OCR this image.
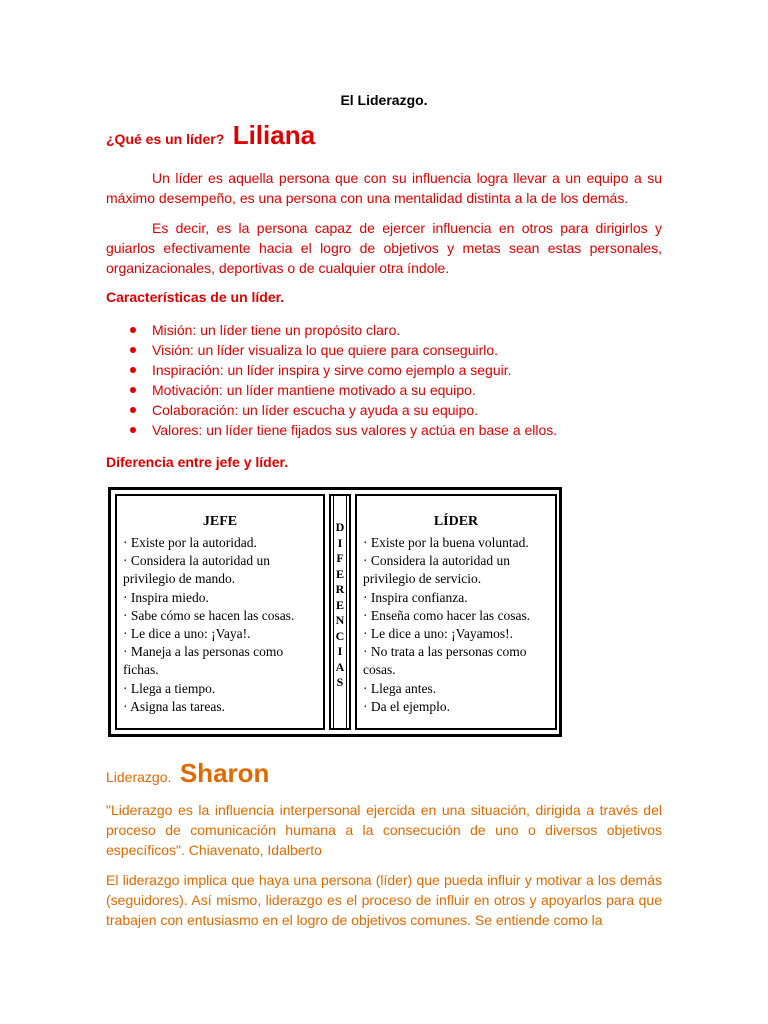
El Liderazgo.
¿Qué es un líder? Liliana
Un líder es aquella persona que con su influencia logra llevar a un equipo a su máximo desempeño, es una persona con una mentalidad distinta a la de los demás.
Es decir, es la persona capaz de ejercer influencia en otros para dirigirlos y guiarlos efectivamente hacia el logro de objetivos y metas sean estas personales, organizacionales, deportivas o de cualquier otra índole.
Características de un líder.
Misión: un líder tiene un propósito claro.
Visión: un líder visualiza lo que quiere para conseguirlo.
Inspiración: un líder inspira y sirve como ejemplo a seguir.
Motivación: un líder mantiene motivado a su equipo.
Colaboración: un líder escucha y ayuda a su equipo.
Valores: un líder tiene fijados sus valores y actúa en base a ellos.
Diferencia entre jefe y líder.
JEFE
· Existe por la autoridad.
· Considera la autoridad un
privilegio de mando.
· Inspira miedo.
· Sabe cómo se hacen las cosas.
· Le dice a uno: ¡Vaya!.
· Maneja a las personas como
fichas.
· Llega a tiempo.
· Asigna las tareas.
D
I
F
E
R
E
N
C
I
A
S
LÍDER
· Existe por la buena voluntad.
· Considera la autoridad un
privilegio de servicio.
· Inspira confianza.
· Enseña como hacer las cosas.
· Le dice a uno: ¡Vayamos!.
· No trata a las personas como
cosas.
· Llega antes.
· Da el ejemplo.
Liderazgo. Sharon
"Liderazgo es la influencia interpersonal ejercida en una situación, dirigida a través del proceso de comunicación humana a la consecución de uno o diversos objetivos específicos". Chiavenato, Idalberto
El liderazgo implica que haya una persona (líder) que pueda influir y motivar a los demás (seguidores). Así mismo, liderazgo es el proceso de influir en otros y apoyarlos para que trabajen con entusiasmo en el logro de objetivos comunes. Se entiende como la
